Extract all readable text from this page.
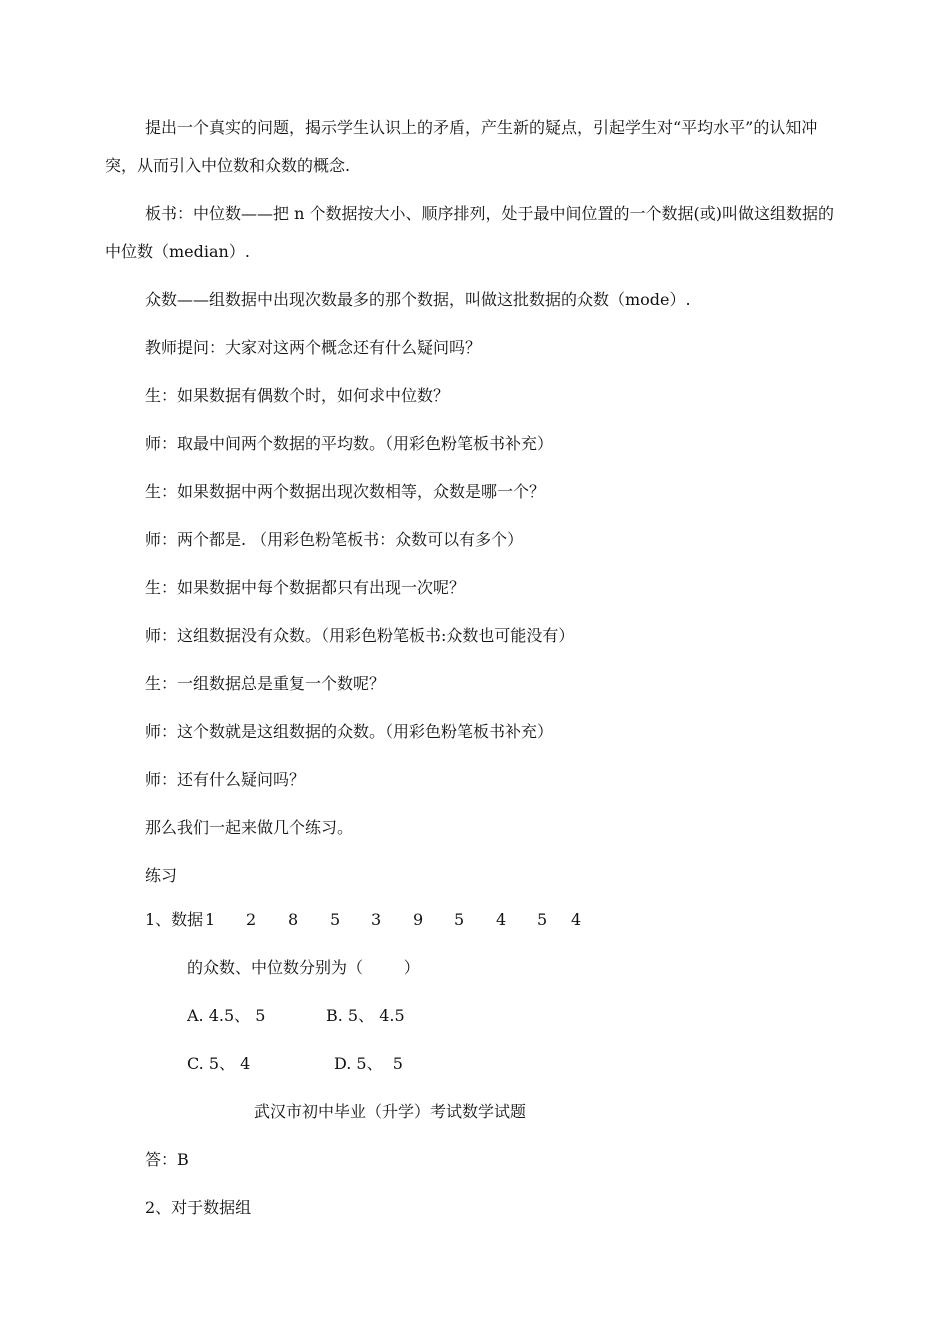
提出一个真实的问题，揭示学生认识上的矛盾，产生新的疑点，引起学生对“平均水平”的认知冲
突，从而引入中位数和众数的概念.
板书：中位数——把 n 个数据按大小、顺序排列，处于最中间位置的一个数据(或)叫做这组数据的
中位数（median）.
众数——组数据中出现次数最多的那个数据，叫做这批数据的众数（mode）.
教师提问：大家对这两个概念还有什么疑问吗？
生：如果数据有偶数个时，如何求中位数？
师：取最中间两个数据的平均数。（用彩色粉笔板书补充）
生：如果数据中两个数据出现次数相等，众数是哪一个？
师：两个都是. （用彩色粉笔板书：众数可以有多个）
生：如果数据中每个数据都只有出现一次呢？
师：这组数据没有众数。（用彩色粉笔板书:众数也可能没有）
生：一组数据总是重复一个数呢？
师：这个数就是这组数据的众数。（用彩色粉笔板书补充）
师：还有什么疑问吗？
那么我们一起来做几个练习。
练习
1、数据 1 2 8 5 3 9 5 4 5 4
的众数、中位数分别为（        ）
A. 4.5、 5	B. 5、 4.5
C. 5、 4	D. 5、  5
武汉市初中毕业（升学）考试数学试题
答：B
2、对于数据组
